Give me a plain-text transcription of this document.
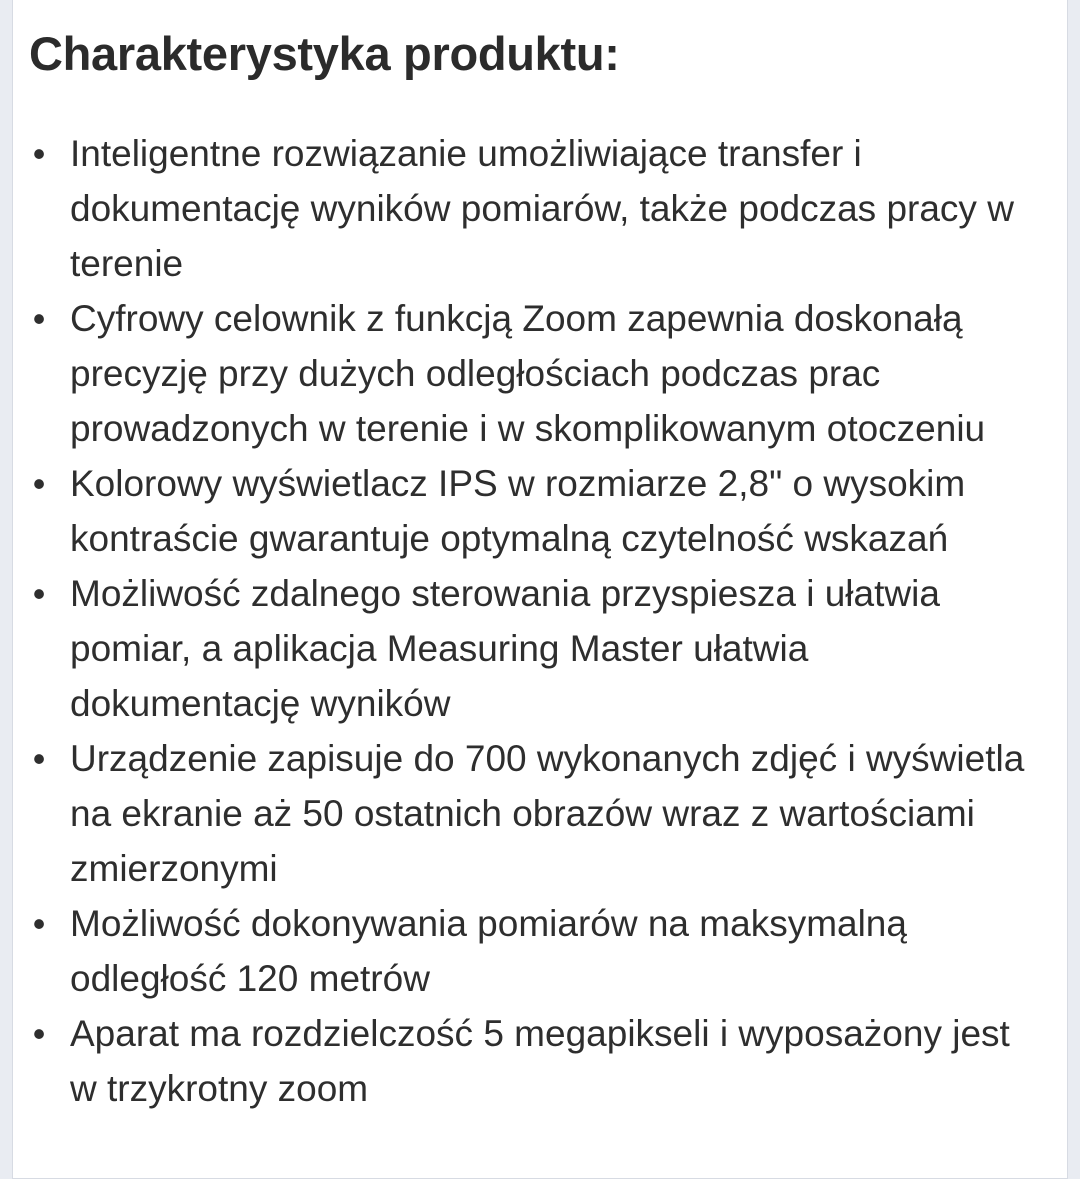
Charakterystyka produktu:
• Inteligentne rozwiązanie umożliwiające transfer i dokumentację wyników pomiarów, także podczas pracy w terenie
• Cyfrowy celownik z funkcją Zoom zapewnia doskonałą precyzję przy dużych odległościach podczas prac prowadzonych w terenie i w skomplikowanym otoczeniu
• Kolorowy wyświetlacz IPS w rozmiarze 2,8" o wysokim kontraście gwarantuje optymalną czytelność wskazań
• Możliwość zdalnego sterowania przyspiesza i ułatwia pomiar, a aplikacja Measuring Master ułatwia dokumentację wyników
• Urządzenie zapisuje do 700 wykonanych zdjęć i wyświetla na ekranie aż 50 ostatnich obrazów wraz z wartościami zmierzonymi
• Możliwość dokonywania pomiarów na maksymalną odległość 120 metrów
• Aparat ma rozdzielczość 5 megapikseli i wyposażony jest w trzykrotny zoom
